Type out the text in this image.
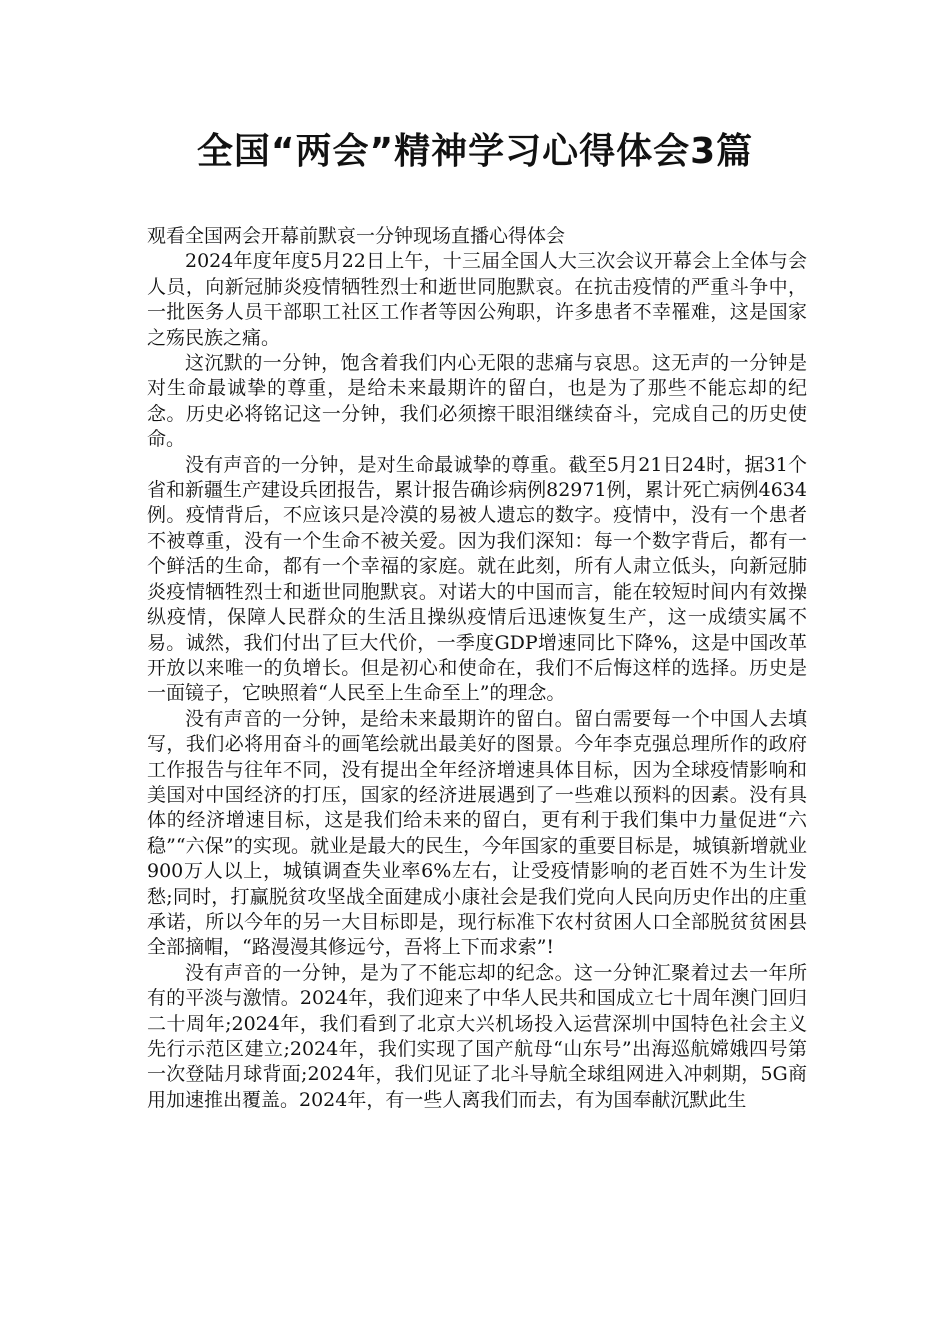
全国“两会”精神学习心得体会3篇

观看全国两会开幕前默哀一分钟现场直播心得体会

2024年度年度5月22日上午，十三届全国人大三次会议开幕会上全体与会人员，向新冠肺炎疫情牺牲烈士和逝世同胞默哀。在抗击疫情的严重斗争中，一批医务人员干部职工社区工作者等因公殉职，许多患者不幸罹难，这是国家之殇民族之痛。

这沉默的一分钟，饱含着我们内心无限的悲痛与哀思。这无声的一分钟是对生命最诚挚的尊重，是给未来最期许的留白，也是为了那些不能忘却的纪念。历史必将铭记这一分钟，我们必须擦干眼泪继续奋斗，完成自己的历史使命。

没有声音的一分钟，是对生命最诚挚的尊重。截至5月21日24时，据31个省和新疆生产建设兵团报告，累计报告确诊病例82971例，累计死亡病例4634例。疫情背后，不应该只是冷漠的易被人遗忘的数字。疫情中，没有一个患者不被尊重，没有一个生命不被关爱。因为我们深知：每一个数字背后，都有一个鲜活的生命，都有一个幸福的家庭。就在此刻，所有人肃立低头，向新冠肺炎疫情牺牲烈士和逝世同胞默哀。对诺大的中国而言，能在较短时间内有效操纵疫情，保障人民群众的生活且操纵疫情后迅速恢复生产，这一成绩实属不易。诚然，我们付出了巨大代价，一季度GDP增速同比下降%，这是中国改革开放以来唯一的负增长。但是初心和使命在，我们不后悔这样的选择。历史是一面镜子，它映照着“人民至上生命至上”的理念。

没有声音的一分钟，是给未来最期许的留白。留白需要每一个中国人去填写，我们必将用奋斗的画笔绘就出最美好的图景。今年李克强总理所作的政府工作报告与往年不同，没有提出全年经济增速具体目标，因为全球疫情影响和美国对中国经济的打压，国家的经济进展遇到了一些难以预料的因素。没有具体的经济增速目标，这是我们给未来的留白，更有利于我们集中力量促进“六稳”“六保”的实现。就业是最大的民生，今年国家的重要目标是，城镇新增就业900万人以上，城镇调查失业率6%左右，让受疫情影响的老百姓不为生计发愁;同时，打赢脱贫攻坚战全面建成小康社会是我们党向人民向历史作出的庄重承诺，所以今年的另一大目标即是，现行标准下农村贫困人口全部脱贫贫困县全部摘帽，“路漫漫其修远兮，吾将上下而求索”!

没有声音的一分钟，是为了不能忘却的纪念。这一分钟汇聚着过去一年所有的平淡与激情。2024年，我们迎来了中华人民共和国成立七十周年澳门回归二十周年;2024年，我们看到了北京大兴机场投入运营深圳中国特色社会主义先行示范区建立;2024年，我们实现了国产航母“山东号”出海巡航嫦娥四号第一次登陆月球背面;2024年，我们见证了北斗导航全球组网进入冲刺期，5G商用加速推出覆盖。2024年，有一些人离我们而去，有为国奉献沉默此生
